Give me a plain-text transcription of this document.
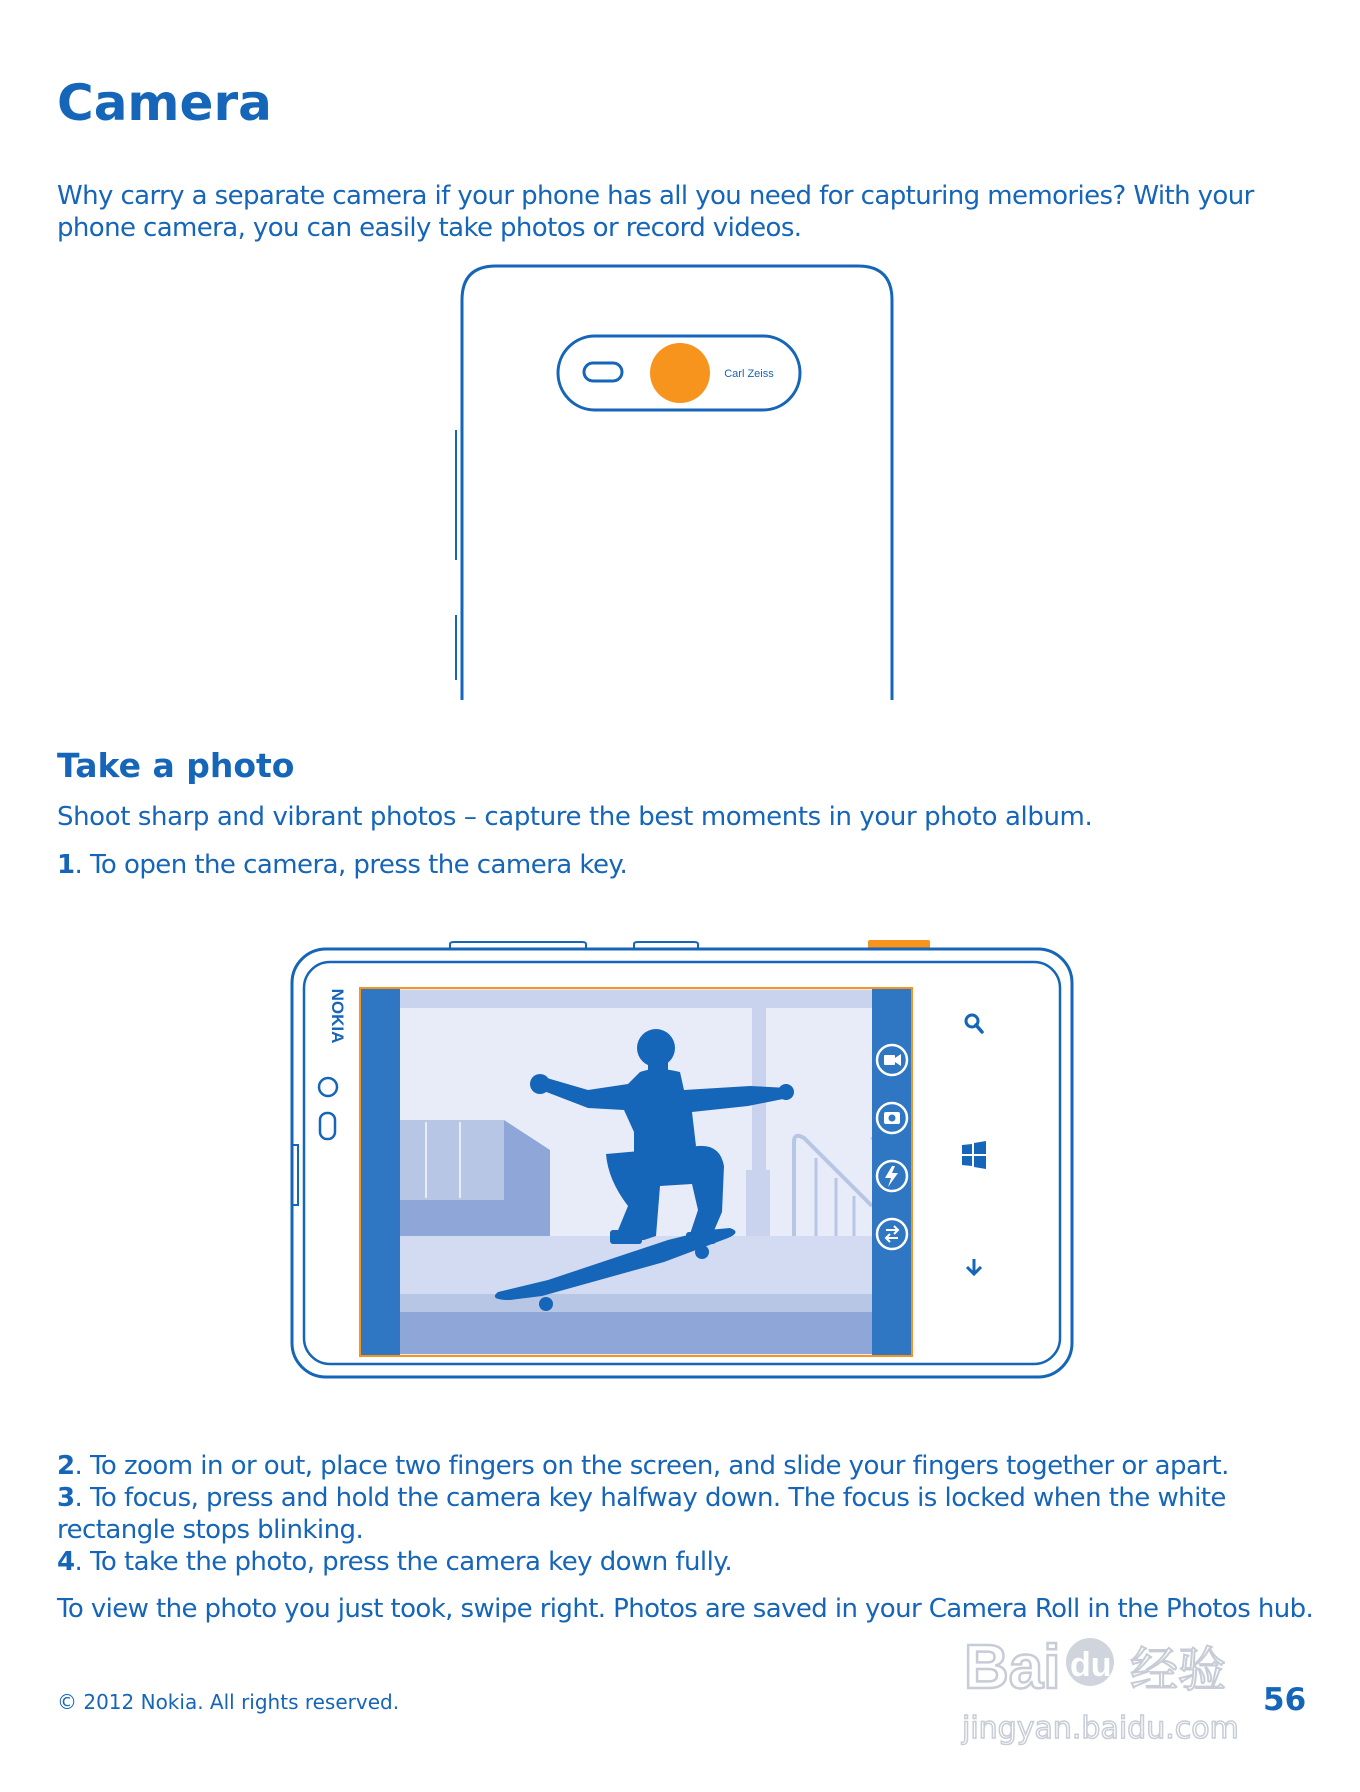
Camera

Why carry a separate camera if your phone has all you need for capturing memories? With your phone camera, you can easily take photos or record videos.

Carl Zeiss
Take a photo

Shoot sharp and vibrant photos – capture the best moments in your photo album.

1. To open the camera, press the camera key.

NOKIA

2. To zoom in or out, place two fingers on the screen, and slide your fingers together or apart.

3. To focus, press and hold the camera key halfway down. The focus is locked when the white rectangle stops blinking.

4. To take the photo, press the camera key down fully.

To view the photo you just took, swipe right. Photos are saved in your Camera Roll in the Photos hub.

© 2012 Nokia. All rights reserved.	Bai du 经验
jingyan.baidu.com
56
